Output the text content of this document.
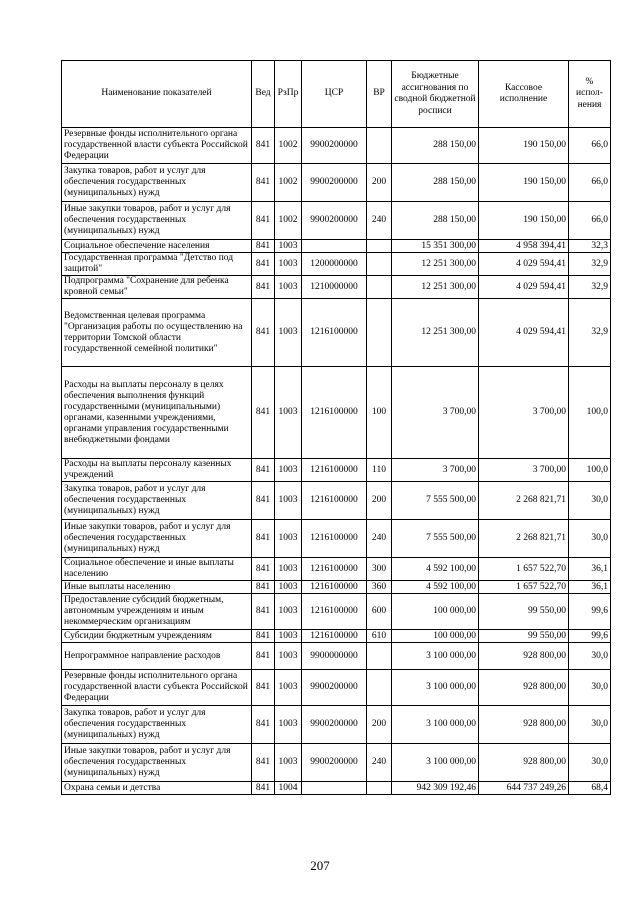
Наименование показателей	Вед	РзПр	ЦСР	ВР	Бюджетные ассигнования по сводной бюджетной росписи	Кассовое исполнение	% испол-нения
Резервные фонды исполнительного органа государственной власти субъекта Российской Федерации	841	1002	9900200000		288 150,00	190 150,00	66,0
Закупка товаров, работ и услуг для обеспечения государственных (муниципальных) нужд	841	1002	9900200000	200	288 150,00	190 150,00	66,0
Иные закупки товаров, работ и услуг для обеспечения государственных (муниципальных) нужд	841	1002	9900200000	240	288 150,00	190 150,00	66,0
Социальное обеспечение населения	841	1003			15 351 300,00	4 958 394,41	32,3
Государственная программа "Детство под защитой"	841	1003	1200000000		12 251 300,00	4 029 594,41	32,9
Подпрограмма "Сохранение для ребенка кровной семьи"	841	1003	1210000000		12 251 300,00	4 029 594,41	32,9
Ведомственная целевая программа "Организация работы по осуществлению на территории Томской области государственной семейной политики"	841	1003	1216100000		12 251 300,00	4 029 594,41	32,9
Расходы на выплаты персоналу в целях обеспечения выполнения функций государственными (муниципальными) органами, казенными учреждениями, органами управления государственными внебюджетными фондами	841	1003	1216100000	100	3 700,00	3 700,00	100,0
Расходы на выплаты персоналу казенных учреждений	841	1003	1216100000	110	3 700,00	3 700,00	100,0
Закупка товаров, работ и услуг для обеспечения государственных (муниципальных) нужд	841	1003	1216100000	200	7 555 500,00	2 268 821,71	30,0
Иные закупки товаров, работ и услуг для обеспечения государственных (муниципальных) нужд	841	1003	1216100000	240	7 555 500,00	2 268 821,71	30,0
Социальное обеспечение и иные выплаты населению	841	1003	1216100000	300	4 592 100,00	1 657 522,70	36,1
Иные выплаты населению	841	1003	1216100000	360	4 592 100,00	1 657 522,70	36,1
Предоставление субсидий бюджетным, автономным учреждениям и иным некоммерческим организациям	841	1003	1216100000	600	100 000,00	99 550,00	99,6
Субсидии бюджетным учреждениям	841	1003	1216100000	610	100 000,00	99 550,00	99,6
Непрограммное направление расходов	841	1003	9900000000		3 100 000,00	928 800,00	30,0
Резервные фонды исполнительного органа государственной власти субъекта Российской Федерации	841	1003	9900200000		3 100 000,00	928 800,00	30,0
Закупка товаров, работ и услуг для обеспечения государственных (муниципальных) нужд	841	1003	9900200000	200	3 100 000,00	928 800,00	30,0
Иные закупки товаров, работ и услуг для обеспечения государственных (муниципальных) нужд	841	1003	9900200000	240	3 100 000,00	928 800,00	30,0
Охрана семьи и детства	841	1004			942 309 192,46	644 737 249,26	68,4
207
